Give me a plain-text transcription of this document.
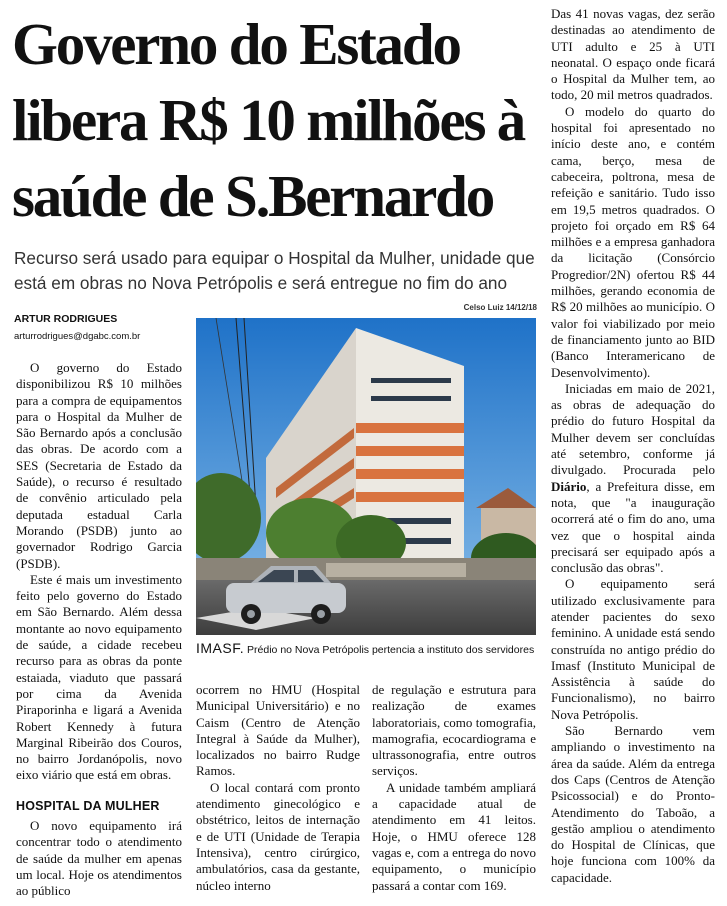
Governo do Estado
libera R$ 10 milhões à
saúde de S.Bernardo
Recurso será usado para equipar o Hospital da Mulher, unidade que
está em obras no Nova Petrópolis e será entregue no fim do ano
Celso Luiz 14/12/18
ARTUR RODRIGUES
arturrodrigues@dgabc.com.br
IMASF. Prédio no Nova Petrópolis pertencia a instituto dos servidores

O governo do Estado disponibilizou R$ 10 milhões para a compra de equipamentos para o Hospital da Mulher de São Bernardo após a conclusão das obras. De acordo com a SES (Secretaria de Estado da Saúde), o recurso é resultado de convênio articulado pela deputada estadual Carla Morando (PSDB) junto ao governador Rodrigo Garcia (PSDB).

Este é mais um investimento feito pelo governo do Estado em São Bernardo. Além dessa montante ao novo equipamento de saúde, a cidade recebeu recurso para as obras da ponte estaiada, viaduto que passará por cima da Avenida Piraporinha e ligará a Avenida Robert Kennedy à futura Marginal Ribeirão dos Couros, no bairro Jordanópolis, novo eixo viário que está em obras.

HOSPITAL DA MULHER

O novo equipamento irá concentrar todo o atendimento de saúde da mulher em apenas um local. Hoje os atendimentos ao público

ocorrem no HMU (Hospital Municipal Universitário) e no Caism (Centro de Atenção Integral à Saúde da Mulher), localizados no bairro Rudge Ramos.

O local contará com pronto atendimento ginecológico e obstétrico, leitos de internação e de UTI (Unidade de Terapia Intensiva), centro cirúrgico, ambulatórios, casa da gestante, núcleo interno

de regulação e estrutura para realização de exames laboratoriais, como tomografia, mamografia, ecocardiograma e ultrassonografia, entre outros serviços.

A unidade também ampliará a capacidade atual de atendimento em 41 leitos. Hoje, o HMU oferece 128 vagas e, com a entrega do novo equipamento, o município passará a contar com 169.

Das 41 novas vagas, dez serão destinadas ao atendimento de UTI adulto e 25 à UTI neonatal. O espaço onde ficará o Hospital da Mulher tem, ao todo, 20 mil metros quadrados.

O modelo do quarto do hospital foi apresentado no início deste ano, e contém cama, berço, mesa de cabeceira, poltrona, mesa de refeição e sanitário. Tudo isso em 19,5 metros quadrados. O projeto foi orçado em R$ 64 milhões e a empresa ganhadora da licitação (Consórcio Progredior/2N) ofertou R$ 44 milhões, gerando economia de R$ 20 milhões ao município. O valor foi viabilizado por meio de financiamento junto ao BID (Banco Interamericano de Desenvolvimento).

Iniciadas em maio de 2021, as obras de adequação do prédio do futuro Hospital da Mulher devem ser concluídas até setembro, conforme já divulgado. Procurada pelo Diário, a Prefeitura disse, em nota, que "a inauguração ocorrerá até o fim do ano, uma vez que o hospital ainda precisará ser equipado após a conclusão das obras".

O equipamento será utilizado exclusivamente para atender pacientes do sexo feminino. A unidade está sendo construída no antigo prédio do Imasf (Instituto Municipal de Assistência à saúde do Funcionalismo), no bairro Nova Petrópolis.

São Bernardo vem ampliando o investimento na área da saúde. Além da entrega dos Caps (Centros de Atenção Psicossocial) e do Pronto-Atendimento do Taboão, a gestão ampliou o atendimento do Hospital de Clínicas, que hoje funciona com 100% da capacidade.
